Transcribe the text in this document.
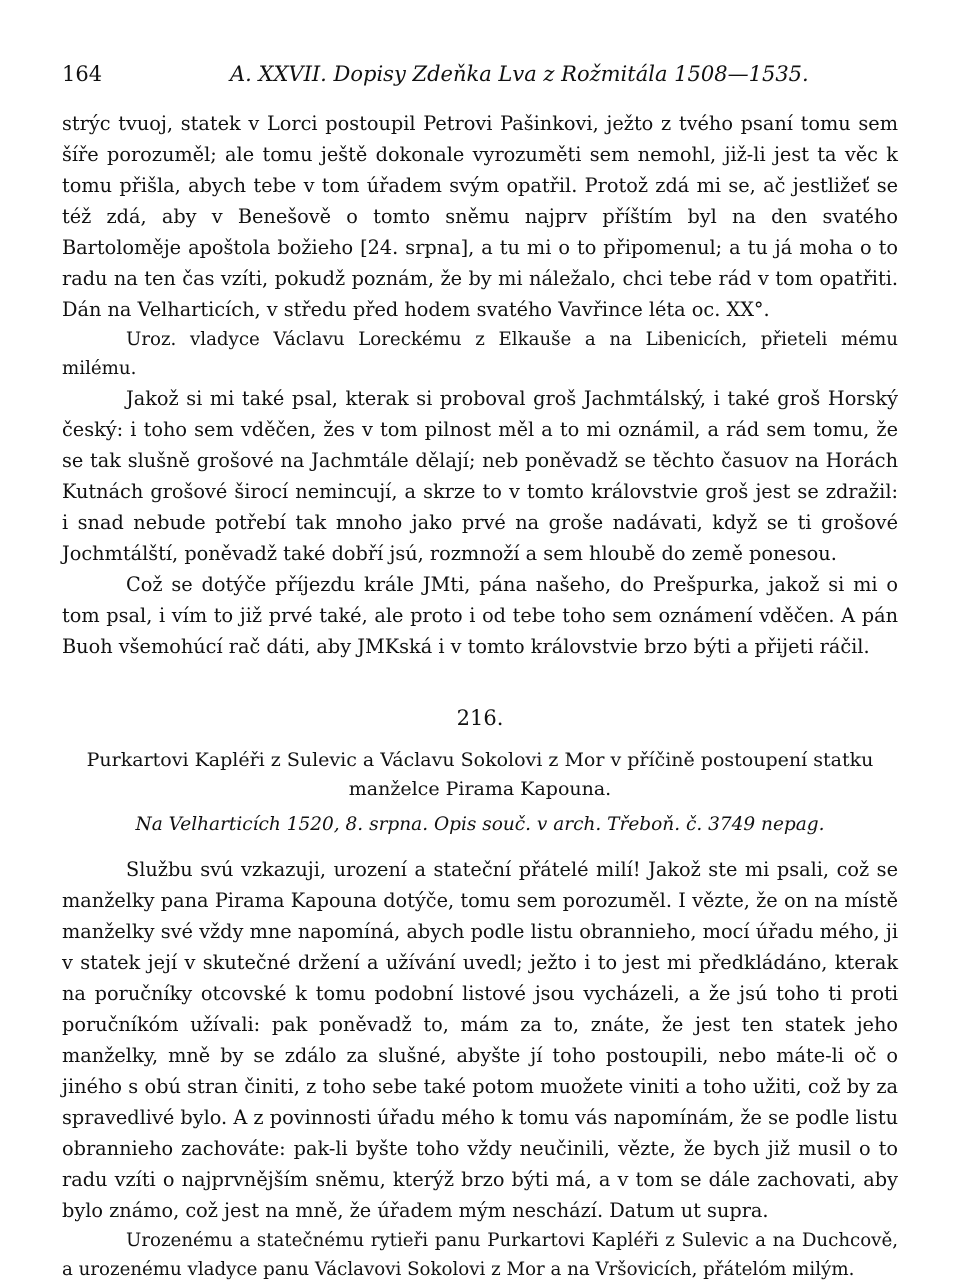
164	A. XXVII. Dopisy Zdeňka Lva z Rožmitála 1508—1535.

strýc tvuoj, statek v Lorci postoupil Petrovi Pašinkovi, ježto z tvého psaní tomu sem šíře porozuměl; ale tomu ještě dokonale vyrozuměti sem nemohl, již-li jest ta věc k tomu přišla, abych tebe v tom úřadem svým opatřil. Protož zdá mi se, ač jestližeť se též zdá, aby v Benešově o tomto sněmu najprv příštím byl na den svatého Bartoloměje apoštola božieho [24. srpna], a tu mi o to připomenul; a tu já moha o to radu na ten čas vzíti, pokudž poznám, že by mi náležalo, chci tebe rád v tom opatřiti. Dán na Velharticích, v středu před hodem svatého Vavřince léta oc. XX°.

Uroz. vladyce Václavu Loreckému z Elkauše a na Libenicích, přieteli mému milému.

Jakož si mi také psal, kterak si proboval groš Jachmtálský, i také groš Horský český: i toho sem vděčen, žes v tom pilnost měl a to mi oznámil, a rád sem tomu, že se tak slušně grošové na Jachmtále dělají; neb poněvadž se těchto časuov na Horách Kutnách grošové širocí nemincují, a skrze to v tomto královstvie groš jest se zdražil: i snad nebude potřebí tak mnoho jako prvé na groše nadávati, když se ti grošové Jochmtálští, poněvadž také dobří jsú, rozmnoží a sem hloubě do země ponesou.

Což se dotýče příjezdu krále JMti, pána našeho, do Prešpurka, jakož si mi o tom psal, i vím to již prvé také, ale proto i od tebe toho sem oznámení vděčen. A pán Buoh všemohúcí rač dáti, aby JMKská i v tomto královstvie brzo býti a přijeti ráčil.

216.

Purkartovi Kapléři z Sulevic a Václavu Sokolovi z Mor v příčině postoupení statku manželce Pirama Kapouna.

Na Velharticích 1520, 8. srpna. Opis souč. v arch. Třeboň. č. 3749 nepag.

Službu svú vzkazuji, urození a stateční přátelé milí! Jakož ste mi psali, což se manželky pana Pirama Kapouna dotýče, tomu sem porozuměl. I vězte, že on na místě manželky své vždy mne napomíná, abych podle listu obrannieho, mocí úřadu mého, ji v statek její v skutečné držení a užívání uvedl; ježto i to jest mi předkládáno, kterak na poručníky otcovské k tomu podobní listové jsou vycházeli, a že jsú toho ti proti poručníkóm užívali: pak poněvadž to, mám za to, znáte, že jest ten statek jeho manželky, mně by se zdálo za slušné, abyšte jí toho postoupili, nebo máte-li oč o jiného s obú stran činiti, z toho sebe také potom muožete viniti a toho užiti, což by za spravedlivé bylo. A z povinnosti úřadu mého k tomu vás napomínám, že se podle listu obrannieho zachováte: pak-li byšte toho vždy neučinili, vězte, že bych již musil o to radu vzíti o najprvnějším sněmu, kterýž brzo býti má, a v tom se dále zachovati, aby bylo známo, což jest na mně, že úřadem mým neschází. Datum ut supra.

Urozenému a statečnému rytieři panu Purkartovi Kapléři z Sulevic a na Duchcově, a urozenému vladyce panu Václavovi Sokolovi z Mor a na Vršovicích, přátelóm milým.
